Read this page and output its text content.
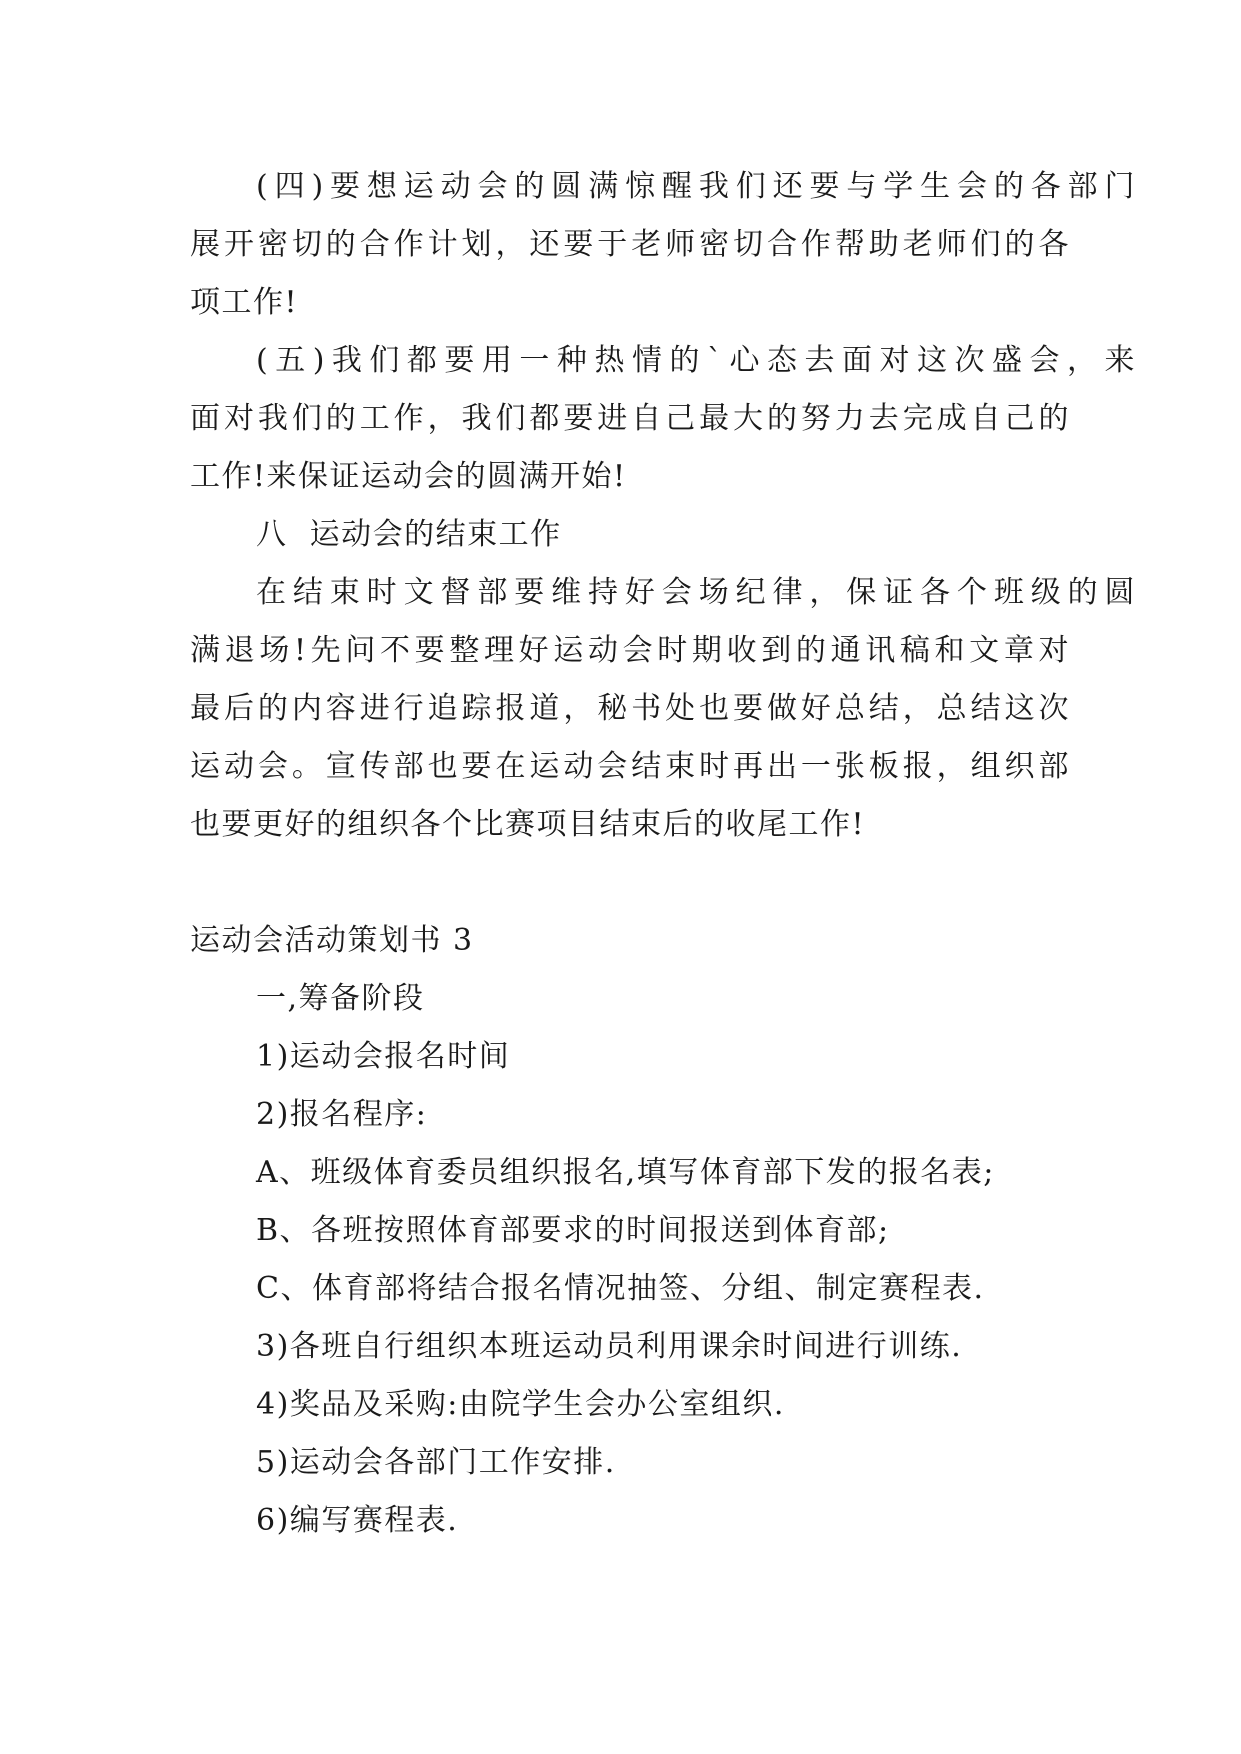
(四)要想运动会的圆满惊醒我们还要与学生会的各部门
展开密切的合作计划，还要于老师密切合作帮助老师们的各
项工作!
(五)我们都要用一种热情的`心态去面对这次盛会，来
面对我们的工作，我们都要进自己最大的努力去完成自己的
工作!来保证运动会的圆满开始!
八  运动会的结束工作
在结束时文督部要维持好会场纪律，保证各个班级的圆
满退场!先问不要整理好运动会时期收到的通讯稿和文章对
最后的内容进行追踪报道，秘书处也要做好总结，总结这次
运动会。宣传部也要在运动会结束时再出一张板报，组织部
也要更好的组织各个比赛项目结束后的收尾工作!
运动会活动策划书 3
一,筹备阶段
1)运动会报名时间
2)报名程序:
A、班级体育委员组织报名,填写体育部下发的报名表;
B、各班按照体育部要求的时间报送到体育部;
C、体育部将结合报名情况抽签、分组、制定赛程表.
3)各班自行组织本班运动员利用课余时间进行训练.
4)奖品及采购:由院学生会办公室组织.
5)运动会各部门工作安排.
6)编写赛程表.
